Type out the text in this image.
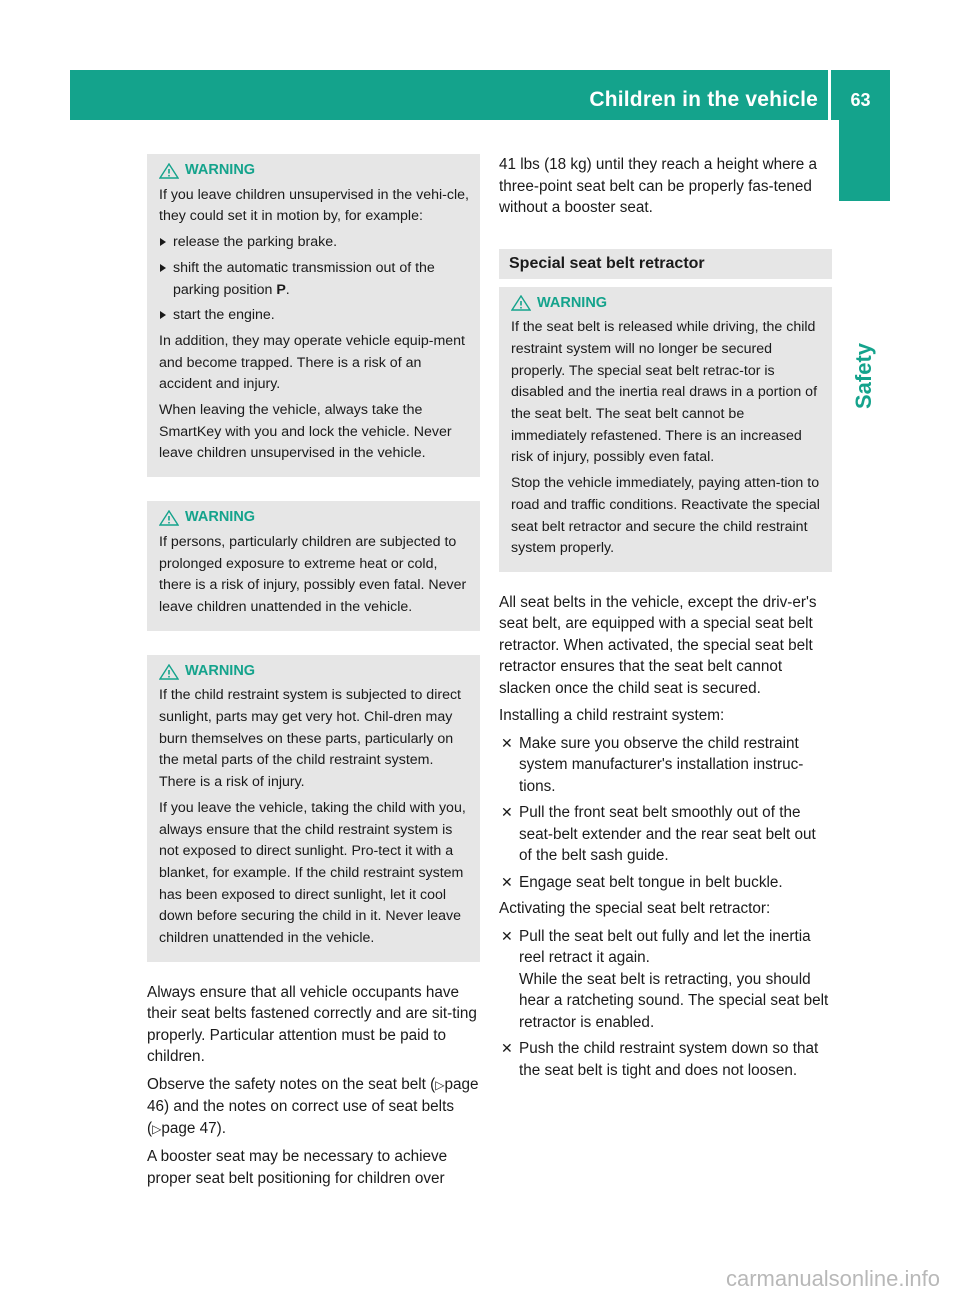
Children in the vehicle	63
Safety
WARNING

If you leave children unsupervised in the vehi-cle, they could set it in motion by, for example:

release the parking brake.
shift the automatic transmission out of the parking position P.
start the engine.

In addition, they may operate vehicle equip-ment and become trapped. There is a risk of an accident and injury.

When leaving the vehicle, always take the SmartKey with you and lock the vehicle. Never leave children unsupervised in the vehicle.

WARNING

If persons, particularly children are subjected to prolonged exposure to extreme heat or cold, there is a risk of injury, possibly even fatal. Never leave children unattended in the vehicle.

WARNING

If the child restraint system is subjected to direct sunlight, parts may get very hot. Chil-dren may burn themselves on these parts, particularly on the metal parts of the child restraint system. There is a risk of injury.

If you leave the vehicle, taking the child with you, always ensure that the child restraint system is not exposed to direct sunlight. Pro-tect it with a blanket, for example. If the child restraint system has been exposed to direct sunlight, let it cool down before securing the child in it. Never leave children unattended in the vehicle.

Always ensure that all vehicle occupants have their seat belts fastened correctly and are sit-ting properly. Particular attention must be paid to children.

Observe the safety notes on the seat belt (▷page 46) and the notes on correct use of seat belts (▷page 47).

A booster seat may be necessary to achieve proper seat belt positioning for children over

41 lbs (18 kg) until they reach a height where a three-point seat belt can be properly fas-tened without a booster seat.

Special seat belt retractor
WARNING

If the seat belt is released while driving, the child restraint system will no longer be secured properly. The special seat belt retrac-tor is disabled and the inertia real draws in a portion of the seat belt. The seat belt cannot be immediately refastened. There is an increased risk of injury, possibly even fatal.

Stop the vehicle immediately, paying atten-tion to road and traffic conditions. Reactivate the special seat belt retractor and secure the child restraint system properly.

All seat belts in the vehicle, except the driv-er's seat belt, are equipped with a special seat belt retractor. When activated, the special seat belt retractor ensures that the seat belt cannot slacken once the child seat is secured.

Installing a child restraint system:

✕ Make sure you observe the child restraint system manufacturer's installation instruc-tions.
✕ Pull the front seat belt smoothly out of the seat-belt extender and the rear seat belt out of the belt sash guide.
✕ Engage seat belt tongue in belt buckle.

Activating the special seat belt retractor:

✕ Pull the seat belt out fully and let the inertia reel retract it again.
While the seat belt is retracting, you should hear a ratcheting sound. The special seat belt retractor is enabled.
✕ Push the child restraint system down so that the seat belt is tight and does not loosen.
carmanualsonline.info
